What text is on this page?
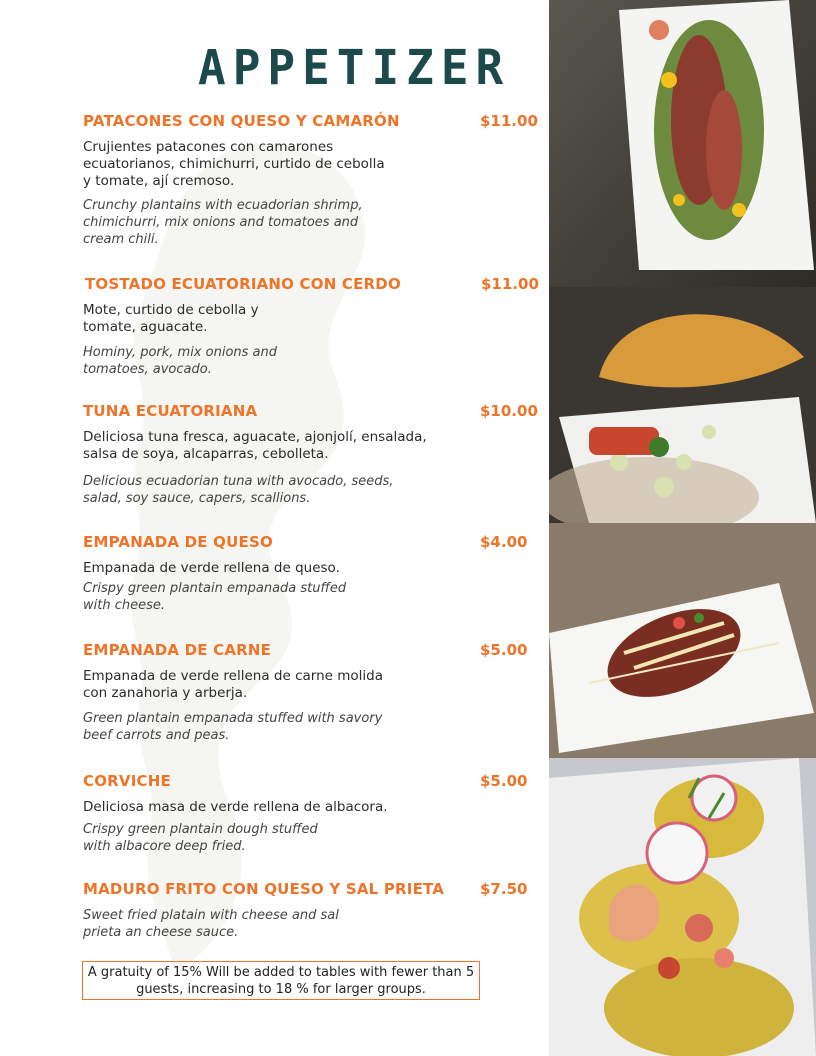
APPETIZER
PATACONES CON QUESO Y CAMARÓN	$11.00
Crujientes patacones con camarones ecuatorianos, chimichurri, curtido de cebolla y tomate, ají cremoso.
Crunchy plantains with ecuadorian shrimp, chimichurri, mix onions and tomatoes and cream chili.
TOSTADO ECUATORIANO CON CERDO	$11.00
Mote, curtido de cebolla y tomate, aguacate.
Hominy, pork, mix onions and tomatoes, avocado.
TUNA ECUATORIANA	$10.00
Deliciosa tuna fresca, aguacate, ajonjolí, ensalada, salsa de soya, alcaparras, cebolleta.
Delicious ecuadorian tuna with avocado, seeds, salad, soy sauce, capers, scallions.
EMPANADA DE QUESO	$4.00
Empanada de verde rellena de queso.
Crispy green plantain empanada stuffed with cheese.
EMPANADA DE CARNE	$5.00
Empanada de verde rellena de carne molida con zanahoria y arberja.
Green plantain empanada stuffed with savory beef carrots and peas.
CORVICHE	$5.00
Deliciosa masa de verde rellena de albacora.
Crispy green plantain dough stuffed with albacore deep fried.
MADURO FRITO CON QUESO Y SAL PRIETA $7.50
Sweet fried platain with cheese and sal prieta an cheese sauce.
A gratuity of 15% Will be added to tables with fewer than 5 guests, increasing to 18 % for larger groups.
